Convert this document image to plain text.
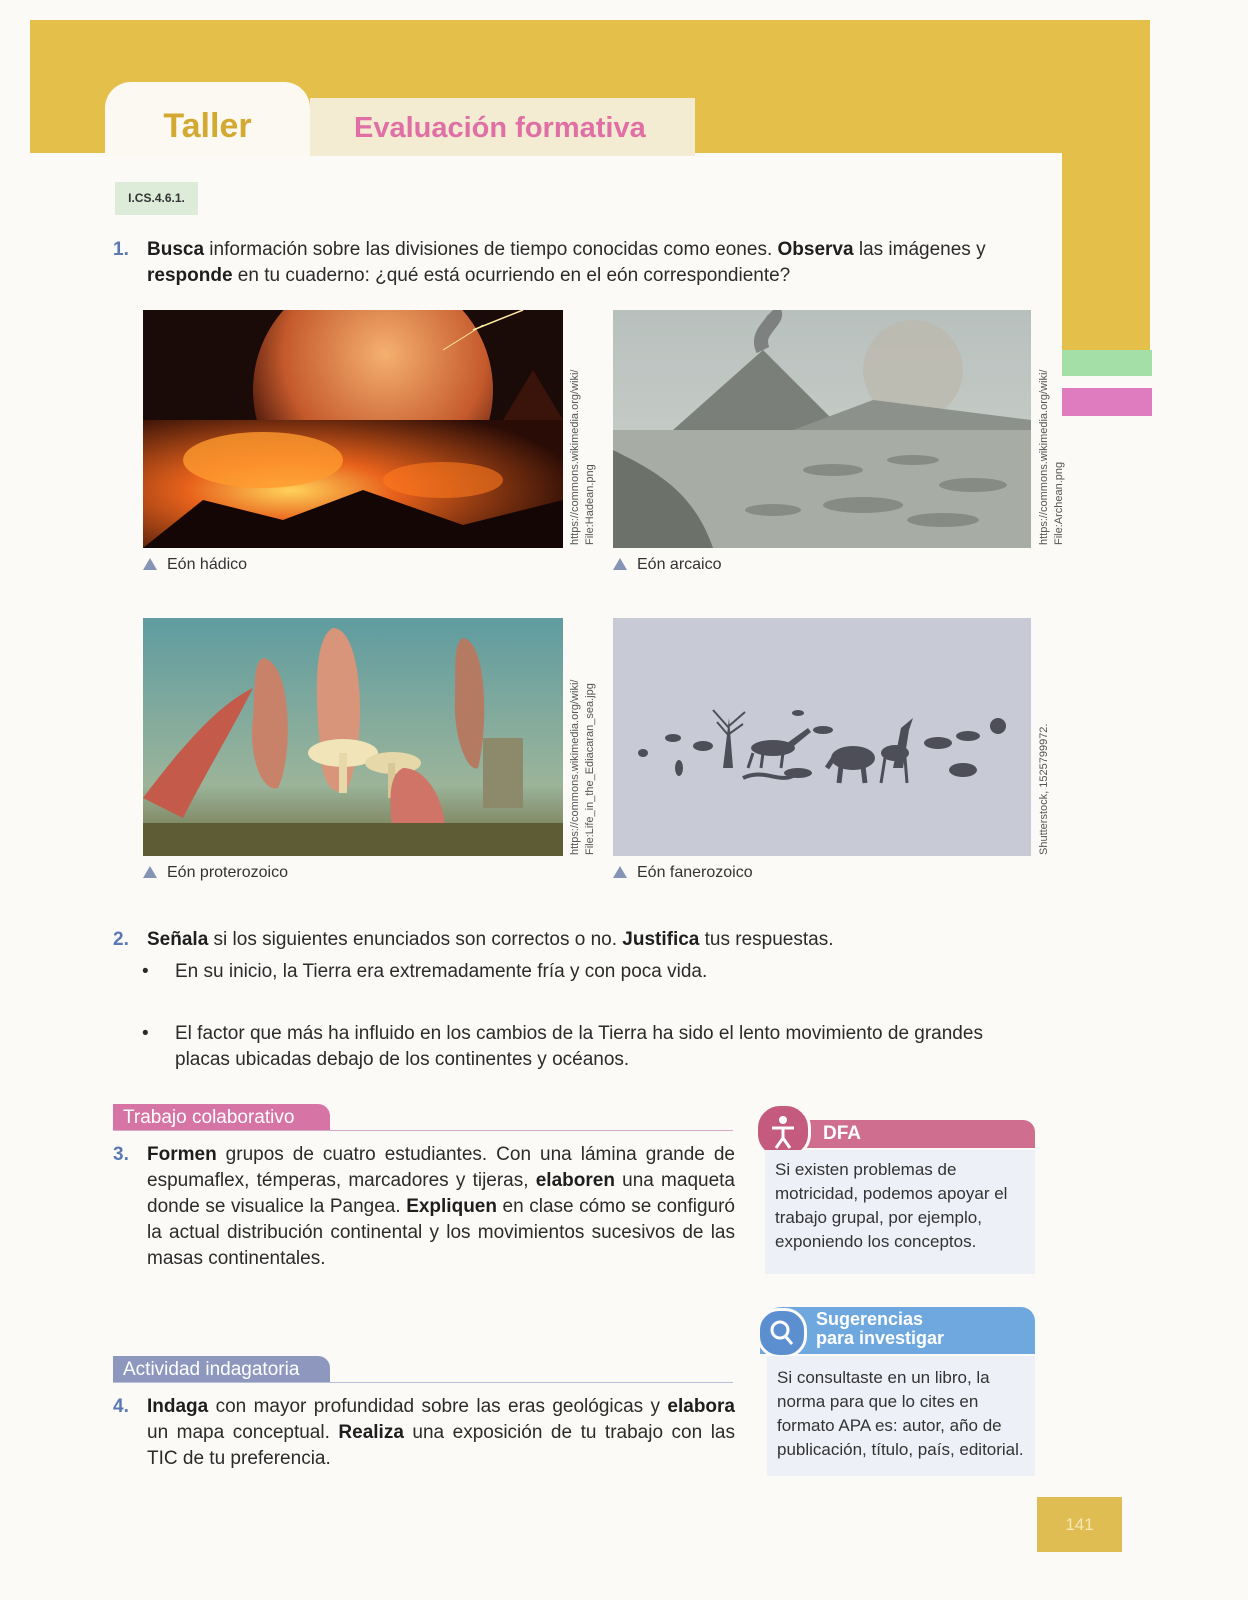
Taller	Evaluación formativa
I.CS.4.6.1.
1. Busca información sobre las divisiones de tiempo conocidas como eones. Observa las imágenes y responde en tu cuaderno: ¿qué está ocurriendo en el eón correspondiente?
https://commons.wikimedia.org/wiki/
File:Hadean.png
Eón hádico
https://commons.wikimedia.org/wiki/
File:Archean.png
Eón arcaico
https://commons.wikimedia.org/wiki/
File:Life_in_the_Ediacaran_sea.jpg
Eón proterozoico
Shutterstock, 1525799972.
Eón fanerozoico
2. Señala si los siguientes enunciados son correctos o no. Justifica tus respuestas.
• En su inicio, la Tierra era extremadamente fría y con poca vida.
• El factor que más ha influido en los cambios de la Tierra ha sido el lento movimiento de grandes placas ubicadas debajo de los continentes y océanos.
Trabajo colaborativo
3. Formen grupos de cuatro estudiantes. Con una lámina grande de espumaflex, témperas, marcadores y tijeras, elaboren una maqueta donde se visualice la Pangea. Expliquen en clase cómo se configuró la actual distribución continental y los movimientos sucesivos de las masas continentales.
Actividad indagatoria
4. Indaga con mayor profundidad sobre las eras geológicas y elabora un mapa conceptual. Realiza una exposición de tu trabajo con las TIC de tu preferencia.
DFA
Si existen problemas de motricidad, podemos apoyar el trabajo grupal, por ejemplo, exponiendo los conceptos.
Sugerencias
para investigar
Si consultaste en un libro, la norma para que lo cites en formato APA es: autor, año de publicación, título, país, editorial.
141
